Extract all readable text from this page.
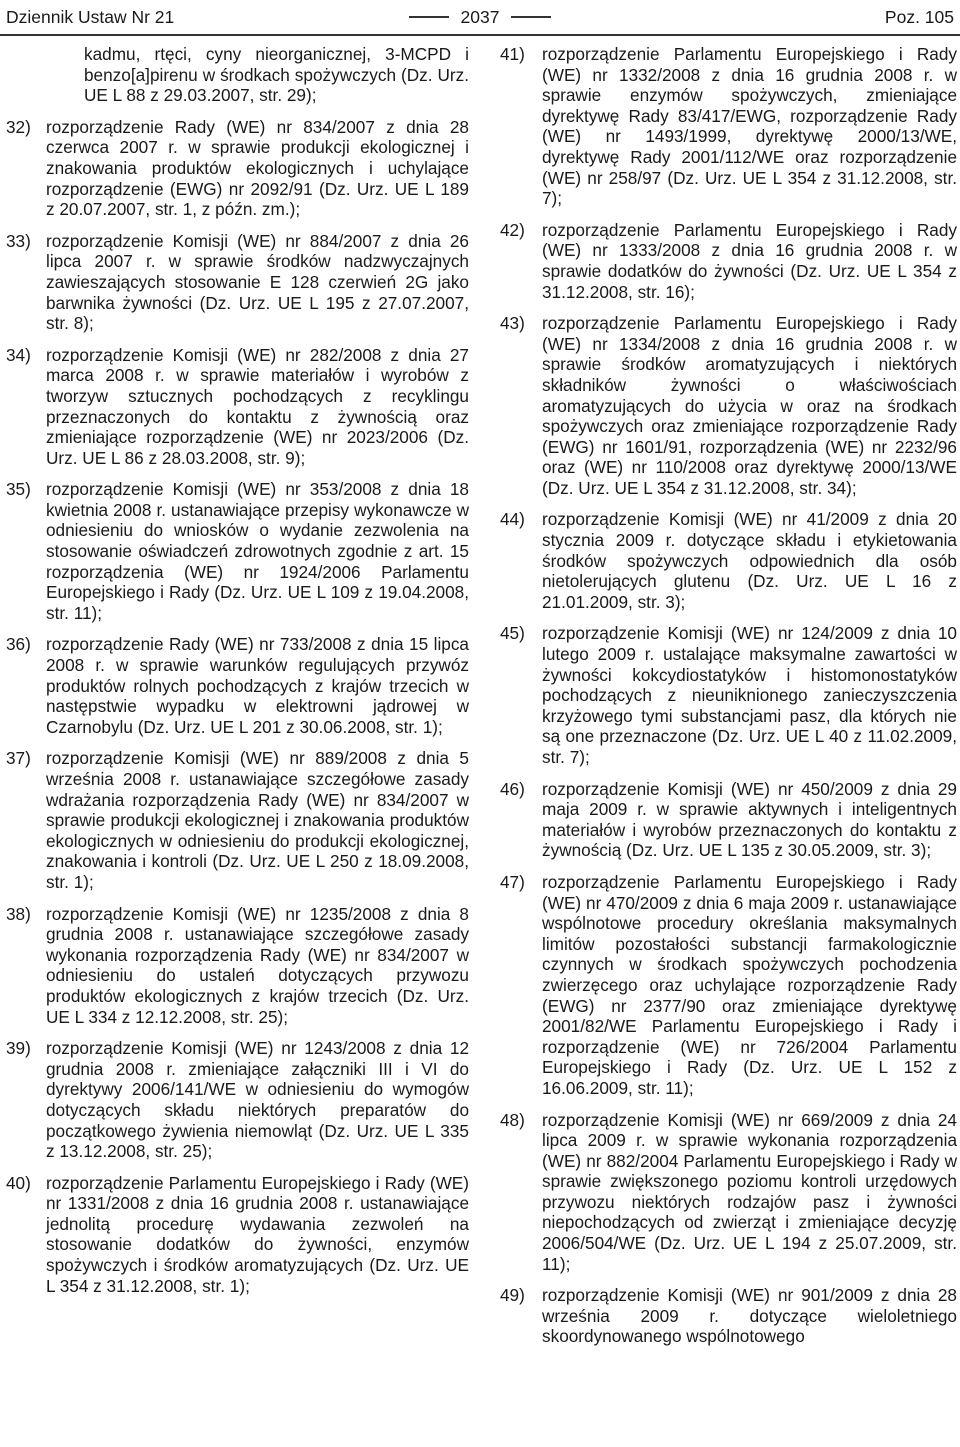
Dziennik Ustaw Nr 21	2037	Poz. 105

kadmu, rtęci, cyny nieorganicznej, 3-MCPD i benzo[a]pirenu w środkach spożywczych (Dz. Urz. UE L 88 z 29.03.2007, str. 29);

32) rozporządzenie Rady (WE) nr 834/2007 z dnia 28 czerwca 2007 r. w sprawie produkcji ekologicznej i znakowania produktów ekologicznych i uchylające rozporządzenie (EWG) nr 2092/91 (Dz. Urz. UE L 189 z 20.07.2007, str. 1, z późn. zm.);
33) rozporządzenie Komisji (WE) nr 884/2007 z dnia 26 lipca 2007 r. w sprawie środków nadzwyczajnych zawieszających stosowanie E 128 czerwień 2G jako barwnika żywności (Dz. Urz. UE L 195 z 27.07.2007, str. 8);
34) rozporządzenie Komisji (WE) nr 282/2008 z dnia 27 marca 2008 r. w sprawie materiałów i wyrobów z tworzyw sztucznych pochodzących z recyklingu przeznaczonych do kontaktu z żywnością oraz zmieniające rozporządzenie (WE) nr 2023/2006 (Dz. Urz. UE L 86 z 28.03.2008, str. 9);
35) rozporządzenie Komisji (WE) nr 353/2008 z dnia 18 kwietnia 2008 r. ustanawiające przepisy wykonawcze w odniesieniu do wniosków o wydanie zezwolenia na stosowanie oświadczeń zdrowotnych zgodnie z art. 15 rozporządzenia (WE) nr 1924/2006 Parlamentu Europejskiego i Rady (Dz. Urz. UE L 109 z 19.04.2008, str. 11);
36) rozporządzenie Rady (WE) nr 733/2008 z dnia 15 lipca 2008 r. w sprawie warunków regulujących przywóz produktów rolnych pochodzących z krajów trzecich w następstwie wypadku w elektrowni jądrowej w Czarnobylu (Dz. Urz. UE L 201 z 30.06.2008, str. 1);
37) rozporządzenie Komisji (WE) nr 889/2008 z dnia 5 września 2008 r. ustanawiające szczegółowe zasady wdrażania rozporządzenia Rady (WE) nr 834/2007 w sprawie produkcji ekologicznej i znakowania produktów ekologicznych w odniesieniu do produkcji ekologicznej, znakowania i kontroli (Dz. Urz. UE L 250 z 18.09.2008, str. 1);
38) rozporządzenie Komisji (WE) nr 1235/2008 z dnia 8 grudnia 2008 r. ustanawiające szczegółowe zasady wykonania rozporządzenia Rady (WE) nr 834/2007 w odniesieniu do ustaleń dotyczących przywozu produktów ekologicznych z krajów trzecich (Dz. Urz. UE L 334 z 12.12.2008, str. 25);
39) rozporządzenie Komisji (WE) nr 1243/2008 z dnia 12 grudnia 2008 r. zmieniające załączniki III i VI do dyrektywy 2006/141/WE w odniesieniu do wymogów dotyczących składu niektórych preparatów do początkowego żywienia niemowląt (Dz. Urz. UE L 335 z 13.12.2008, str. 25);
40) rozporządzenie Parlamentu Europejskiego i Rady (WE) nr 1331/2008 z dnia 16 grudnia 2008 r. ustanawiające jednolitą procedurę wydawania zezwoleń na stosowanie dodatków do żywności, enzymów spożywczych i środków aromatyzujących (Dz. Urz. UE L 354 z 31.12.2008, str. 1);
41) rozporządzenie Parlamentu Europejskiego i Rady (WE) nr 1332/2008 z dnia 16 grudnia 2008 r. w sprawie enzymów spożywczych, zmieniające dyrektywę Rady 83/417/EWG, rozporządzenie Rady (WE) nr 1493/1999, dyrektywę 2000/13/WE, dyrektywę Rady 2001/112/WE oraz rozporządzenie (WE) nr 258/97 (Dz. Urz. UE L 354 z 31.12.2008, str. 7);
42) rozporządzenie Parlamentu Europejskiego i Rady (WE) nr 1333/2008 z dnia 16 grudnia 2008 r. w sprawie dodatków do żywności (Dz. Urz. UE L 354 z 31.12.2008, str. 16);
43) rozporządzenie Parlamentu Europejskiego i Rady (WE) nr 1334/2008 z dnia 16 grudnia 2008 r. w sprawie środków aromatyzujących i niektórych składników żywności o właściwościach aromatyzujących do użycia w oraz na środkach spożywczych oraz zmieniające rozporządzenie Rady (EWG) nr 1601/91, rozporządzenia (WE) nr 2232/96 oraz (WE) nr 110/2008 oraz dyrektywę 2000/13/WE (Dz. Urz. UE L 354 z 31.12.2008, str. 34);
44) rozporządzenie Komisji (WE) nr 41/2009 z dnia 20 stycznia 2009 r. dotyczące składu i etykietowania środków spożywczych odpowiednich dla osób nietolerujących glutenu (Dz. Urz. UE L 16 z 21.01.2009, str. 3);
45) rozporządzenie Komisji (WE) nr 124/2009 z dnia 10 lutego 2009 r. ustalające maksymalne zawartości w żywności kokcydiostatyków i histomonostatyków pochodzących z nieuniknionego zanieczyszczenia krzyżowego tymi substancjami pasz, dla których nie są one przeznaczone (Dz. Urz. UE L 40 z 11.02.2009, str. 7);
46) rozporządzenie Komisji (WE) nr 450/2009 z dnia 29 maja 2009 r. w sprawie aktywnych i inteligentnych materiałów i wyrobów przeznaczonych do kontaktu z żywnością (Dz. Urz. UE L 135 z 30.05.2009, str. 3);
47) rozporządzenie Parlamentu Europejskiego i Rady (WE) nr 470/2009 z dnia 6 maja 2009 r. ustanawiające wspólnotowe procedury określania maksymalnych limitów pozostałości substancji farmakologicznie czynnych w środkach spożywczych pochodzenia zwierzęcego oraz uchylające rozporządzenie Rady (EWG) nr 2377/90 oraz zmieniające dyrektywę 2001/82/WE Parlamentu Europejskiego i Rady i rozporządzenie (WE) nr 726/2004 Parlamentu Europejskiego i Rady (Dz. Urz. UE L 152 z 16.06.2009, str. 11);
48) rozporządzenie Komisji (WE) nr 669/2009 z dnia 24 lipca 2009 r. w sprawie wykonania rozporządzenia (WE) nr 882/2004 Parlamentu Europejskiego i Rady w sprawie zwiększonego poziomu kontroli urzędowych przywozu niektórych rodzajów pasz i żywności niepochodzących od zwierząt i zmieniające decyzję 2006/504/WE (Dz. Urz. UE L 194 z 25.07.2009, str. 11);
49) rozporządzenie Komisji (WE) nr 901/2009 z dnia 28 września 2009 r. dotyczące wieloletniego skoordynowanego wspólnotowego
